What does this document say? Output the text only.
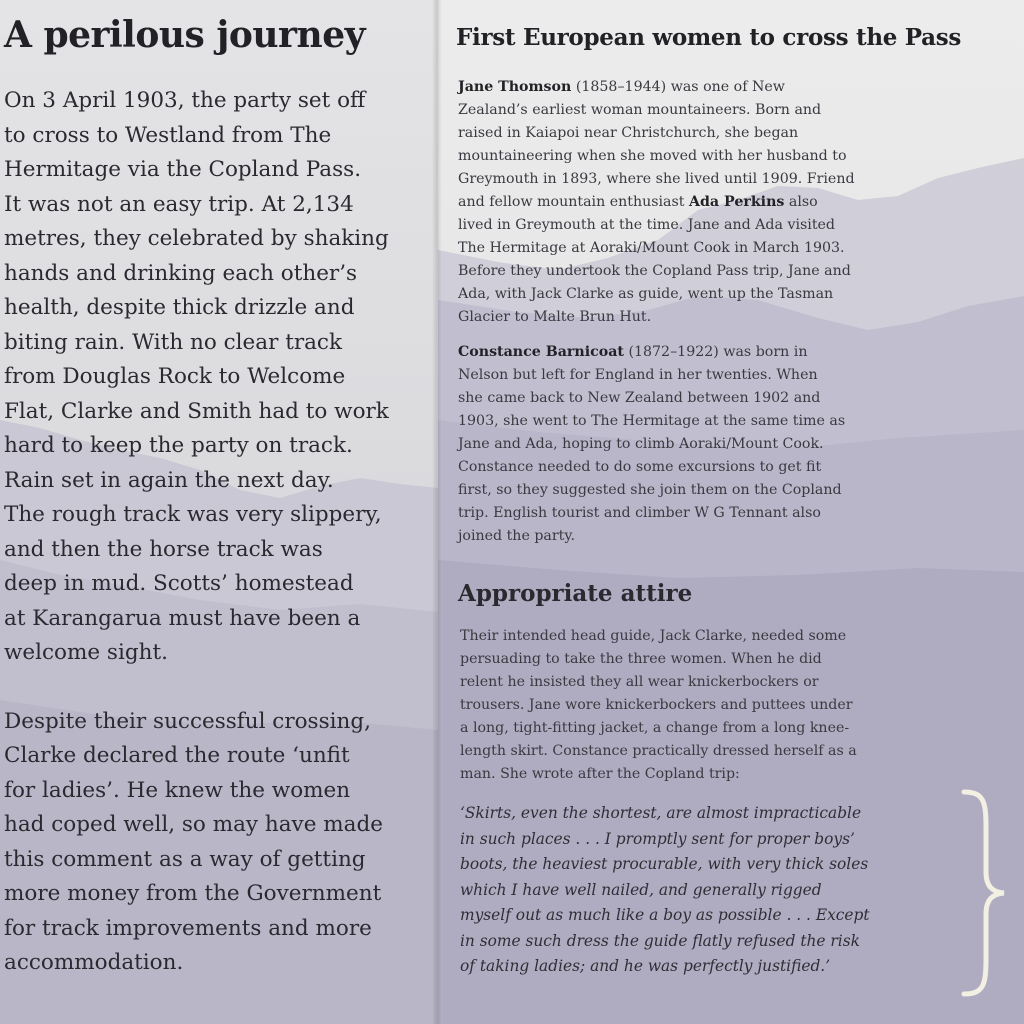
A perilous journey
On 3 April 1903, the party set off
to cross to Westland from The
Hermitage via the Copland Pass.
It was not an easy trip. At 2,134
metres, they celebrated by shaking
hands and drinking each other’s
health, despite thick drizzle and
biting rain. With no clear track
from Douglas Rock to Welcome
Flat, Clarke and Smith had to work
hard to keep the party on track.
Rain set in again the next day.
The rough track was very slippery,
and then the horse track was
deep in mud. Scotts’ homestead
at Karangarua must have been a
welcome sight.
Despite their successful crossing,
Clarke declared the route ‘unfit
for ladies’. He knew the women
had coped well, so may have made
this comment as a way of getting
more money from the Government
for track improvements and more
accommodation.
First European women to cross the Pass
Jane Thomson (1858–1944) was one of New
Zealand’s earliest woman mountaineers. Born and
raised in Kaiapoi near Christchurch, she began
mountaineering when she moved with her husband to
Greymouth in 1893, where she lived until 1909. Friend
and fellow mountain enthusiast Ada Perkins also
lived in Greymouth at the time. Jane and Ada visited
The Hermitage at Aoraki/Mount Cook in March 1903.
Before they undertook the Copland Pass trip, Jane and
Ada, with Jack Clarke as guide, went up the Tasman
Glacier to Malte Brun Hut.
Constance Barnicoat (1872–1922) was born in
Nelson but left for England in her twenties. When
she came back to New Zealand between 1902 and
1903, she went to The Hermitage at the same time as
Jane and Ada, hoping to climb Aoraki/Mount Cook.
Constance needed to do some excursions to get fit
first, so they suggested she join them on the Copland
trip. English tourist and climber W G Tennant also
joined the party.
Appropriate attire
Their intended head guide, Jack Clarke, needed some
persuading to take the three women. When he did
relent he insisted they all wear knickerbockers or
trousers. Jane wore knickerbockers and puttees under
a long, tight-fitting jacket, a change from a long knee-
length skirt. Constance practically dressed herself as a
man. She wrote after the Copland trip:
‘Skirts, even the shortest, are almost impracticable
in such places . . . I promptly sent for proper boys’
boots, the heaviest procurable, with very thick soles
which I have well nailed, and generally rigged
myself out as much like a boy as possible . . . Except
in some such dress the guide flatly refused the risk
of taking ladies; and he was perfectly justified.’
